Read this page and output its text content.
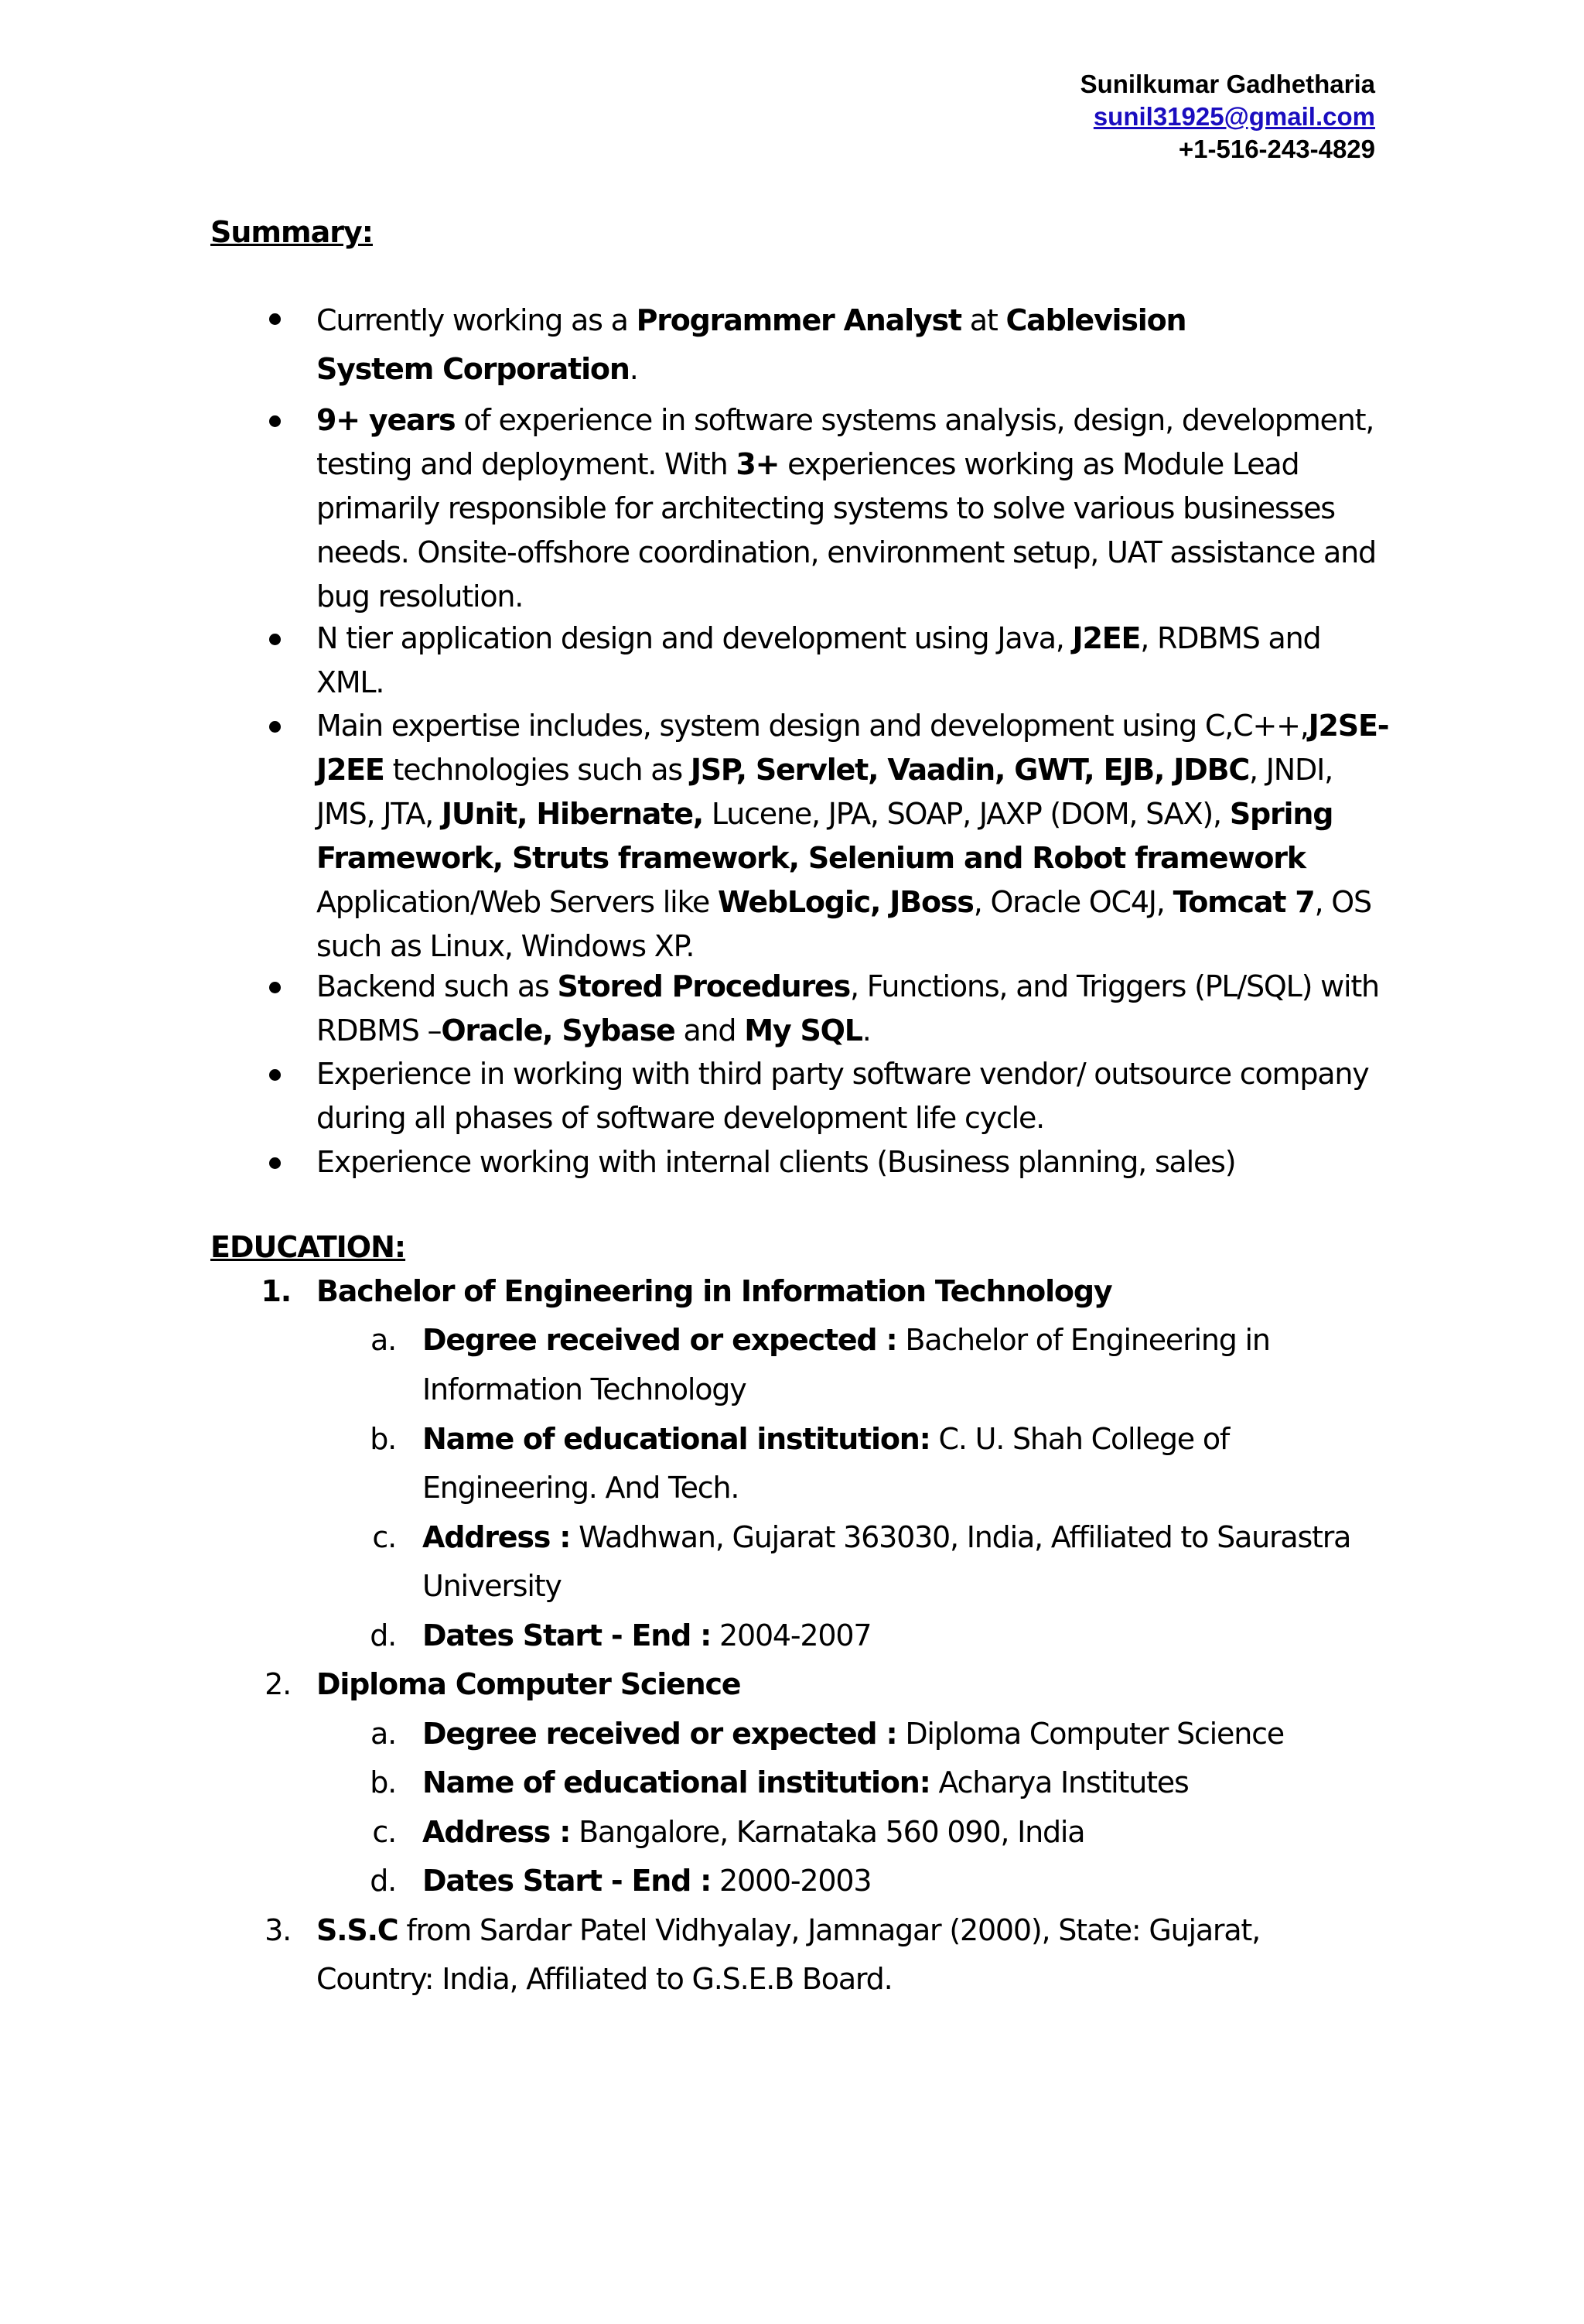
Sunilkumar Gadhetharia
sunil31925@gmail.com
+1-516-243-4829
Summary:
Currently working as a Programmer Analyst at Cablevision
System Corporation.
9+ years of experience in software systems analysis, design, development, testing and deployment. With 3+ experiences working as Module Lead primarily responsible for architecting systems to solve various businesses needs. Onsite-offshore coordination, environment setup, UAT assistance and bug resolution.
N tier application design and development using Java, J2EE, RDBMS and XML.
Main expertise includes, system design and development using C,C++,J2SE-J2EE technologies such as JSP, Servlet, Vaadin, GWT, EJB, JDBC, JNDI, JMS, JTA, JUnit, Hibernate, Lucene, JPA, SOAP, JAXP (DOM, SAX), Spring Framework, Struts framework, Selenium and Robot framework Application/Web Servers like WebLogic, JBoss, Oracle OC4J, Tomcat 7, OS such as Linux, Windows XP.
Backend such as Stored Procedures, Functions, and Triggers (PL/SQL) with RDBMS –Oracle, Sybase and My SQL.
Experience in working with third party software vendor/ outsource company during all phases of software development life cycle.
Experience working with internal clients (Business planning, sales)
EDUCATION:
1. Bachelor of Engineering in Information Technology
a. Degree received or expected : Bachelor of Engineering in
Information Technology
b. Name of educational institution: C. U. Shah College of
Engineering. And Tech.
c. Address : Wadhwan, Gujarat 363030, India, Affiliated to Saurastra
University
d. Dates Start - End : 2004-2007
2. Diploma Computer Science
a. Degree received or expected : Diploma Computer Science
b. Name of educational institution: Acharya Institutes
c. Address : Bangalore, Karnataka 560 090, India
d. Dates Start - End : 2000-2003
3. S.S.C from Sardar Patel Vidhyalay, Jamnagar (2000), State: Gujarat,
Country: India, Affiliated to G.S.E.B Board.
